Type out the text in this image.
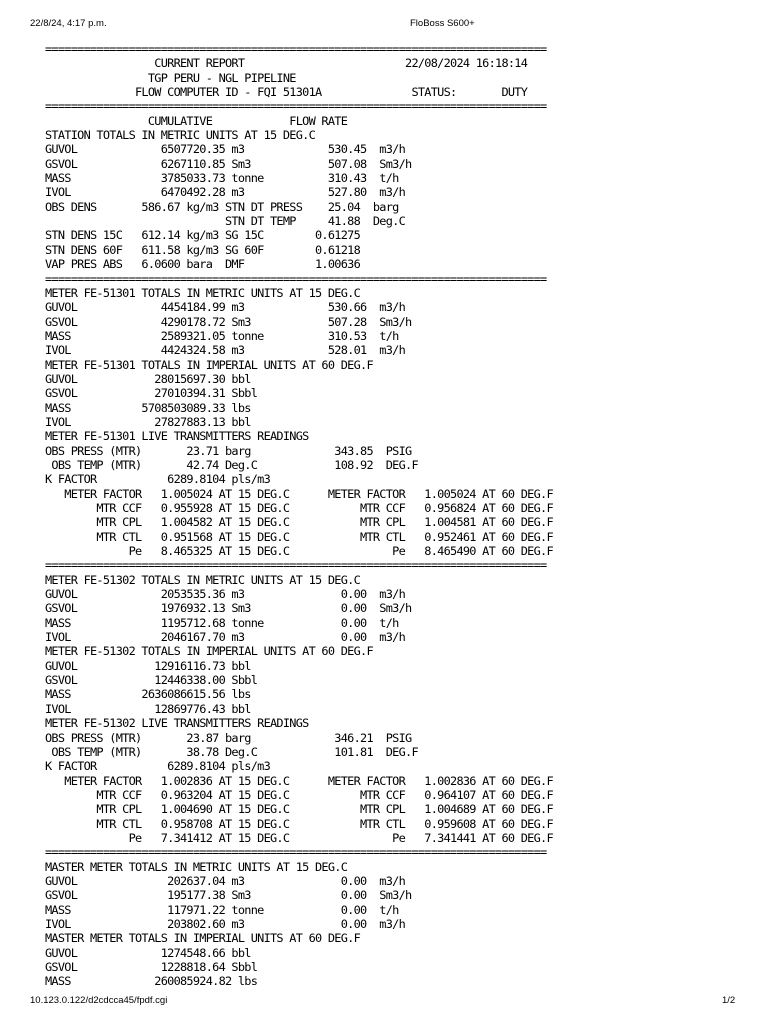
22/8/24, 4:17 p.m.	FloBoss S600+
==============================================================================
CURRENT REPORT                         22/08/2024 16:18:14
TGP PERU - NGL PIPELINE
FLOW COMPUTER ID - FQI 51301A              STATUS:       DUTY
==============================================================================
CUMULATIVE            FLOW RATE
STATION TOTALS IN METRIC UNITS AT 15 DEG.C
GUVOL             6507720.35 m3             530.45  m3/h
GSVOL             6267110.85 Sm3            507.08  Sm3/h
MASS              3785033.73 tonne          310.43  t/h
IVOL              6470492.28 m3             527.80  m3/h
OBS DENS       586.67 kg/m3 STN DT PRESS    25.04  barg
STN DT TEMP     41.88  Deg.C
STN DENS 15C   612.14 kg/m3 SG 15C        0.61275
STN DENS 60F   611.58 kg/m3 SG 60F        0.61218
VAP PRES ABS   6.0600 bara  DMF           1.00636
==============================================================================
METER FE-51301 TOTALS IN METRIC UNITS AT 15 DEG.C
GUVOL             4454184.99 m3             530.66  m3/h
GSVOL             4290178.72 Sm3            507.28  Sm3/h
MASS              2589321.05 tonne          310.53  t/h
IVOL              4424324.58 m3             528.01  m3/h
METER FE-51301 TOTALS IN IMPERIAL UNITS AT 60 DEG.F
GUVOL            28015697.30 bbl
GSVOL            27010394.31 Sbbl
MASS           5708503089.33 lbs
IVOL             27827883.13 bbl
METER FE-51301 LIVE TRANSMITTERS READINGS
OBS PRESS (MTR)       23.71 barg             343.85  PSIG
OBS TEMP (MTR)       42.74 Deg.C            108.92  DEG.F
K FACTOR           6289.8104 pls/m3
METER FACTOR   1.005024 AT 15 DEG.C      METER FACTOR   1.005024 AT 60 DEG.F
MTR CCF   0.955928 AT 15 DEG.C           MTR CCF   0.956824 AT 60 DEG.F
MTR CPL   1.004582 AT 15 DEG.C           MTR CPL   1.004581 AT 60 DEG.F
MTR CTL   0.951568 AT 15 DEG.C           MTR CTL   0.952461 AT 60 DEG.F
Pe   8.465325 AT 15 DEG.C                Pe   8.465490 AT 60 DEG.F
==============================================================================
METER FE-51302 TOTALS IN METRIC UNITS AT 15 DEG.C
GUVOL             2053535.36 m3               0.00  m3/h
GSVOL             1976932.13 Sm3              0.00  Sm3/h
MASS              1195712.68 tonne            0.00  t/h
IVOL              2046167.70 m3               0.00  m3/h
METER FE-51302 TOTALS IN IMPERIAL UNITS AT 60 DEG.F
GUVOL            12916116.73 bbl
GSVOL            12446338.00 Sbbl
MASS           2636086615.56 lbs
IVOL             12869776.43 bbl
METER FE-51302 LIVE TRANSMITTERS READINGS
OBS PRESS (MTR)       23.87 barg             346.21  PSIG
OBS TEMP (MTR)       38.78 Deg.C            101.81  DEG.F
K FACTOR           6289.8104 pls/m3
METER FACTOR   1.002836 AT 15 DEG.C      METER FACTOR   1.002836 AT 60 DEG.F
MTR CCF   0.963204 AT 15 DEG.C           MTR CCF   0.964107 AT 60 DEG.F
MTR CPL   1.004690 AT 15 DEG.C           MTR CPL   1.004689 AT 60 DEG.F
MTR CTL   0.958708 AT 15 DEG.C           MTR CTL   0.959608 AT 60 DEG.F
Pe   7.341412 AT 15 DEG.C                Pe   7.341441 AT 60 DEG.F
==============================================================================
MASTER METER TOTALS IN METRIC UNITS AT 15 DEG.C
GUVOL              202637.04 m3               0.00  m3/h
GSVOL              195177.38 Sm3              0.00  Sm3/h
MASS               117971.22 tonne            0.00  t/h
IVOL               203802.60 m3               0.00  m3/h
MASTER METER TOTALS IN IMPERIAL UNITS AT 60 DEG.F
GUVOL             1274548.66 bbl
GSVOL             1228818.64 Sbbl
MASS             260085924.82 lbs
10.123.0.122/d2cdcca45/fpdf.cgi	1/2
